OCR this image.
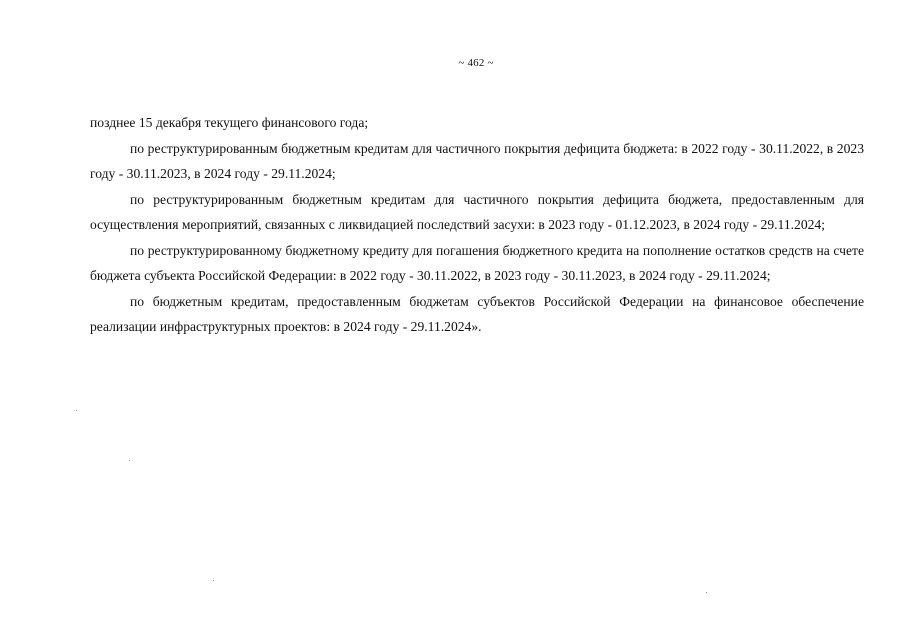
~ 462 ~

позднее 15 декабря текущего финансового года;

по реструктурированным бюджетным кредитам для частичного покрытия дефицита бюджета: в 2022 году - 30.11.2022, в 2023 году - 30.11.2023, в 2024 году - 29.11.2024;

по реструктурированным бюджетным кредитам для частичного покрытия дефицита бюджета, предоставленным для осуществления мероприятий, связанных с ликвидацией последствий засухи: в 2023 году - 01.12.2023, в 2024 году - 29.11.2024;

по реструктурированному бюджетному кредиту для погашения бюджетного кредита на пополнение остатков средств на счете бюджета субъекта Российской Федерации: в 2022 году - 30.11.2022, в 2023 году - 30.11.2023, в 2024 году - 29.11.2024;

по бюджетным кредитам, предоставленным бюджетам субъектов Российской Федерации на финансовое обеспечение реализации инфраструктурных проектов: в 2024 году - 29.11.2024».
